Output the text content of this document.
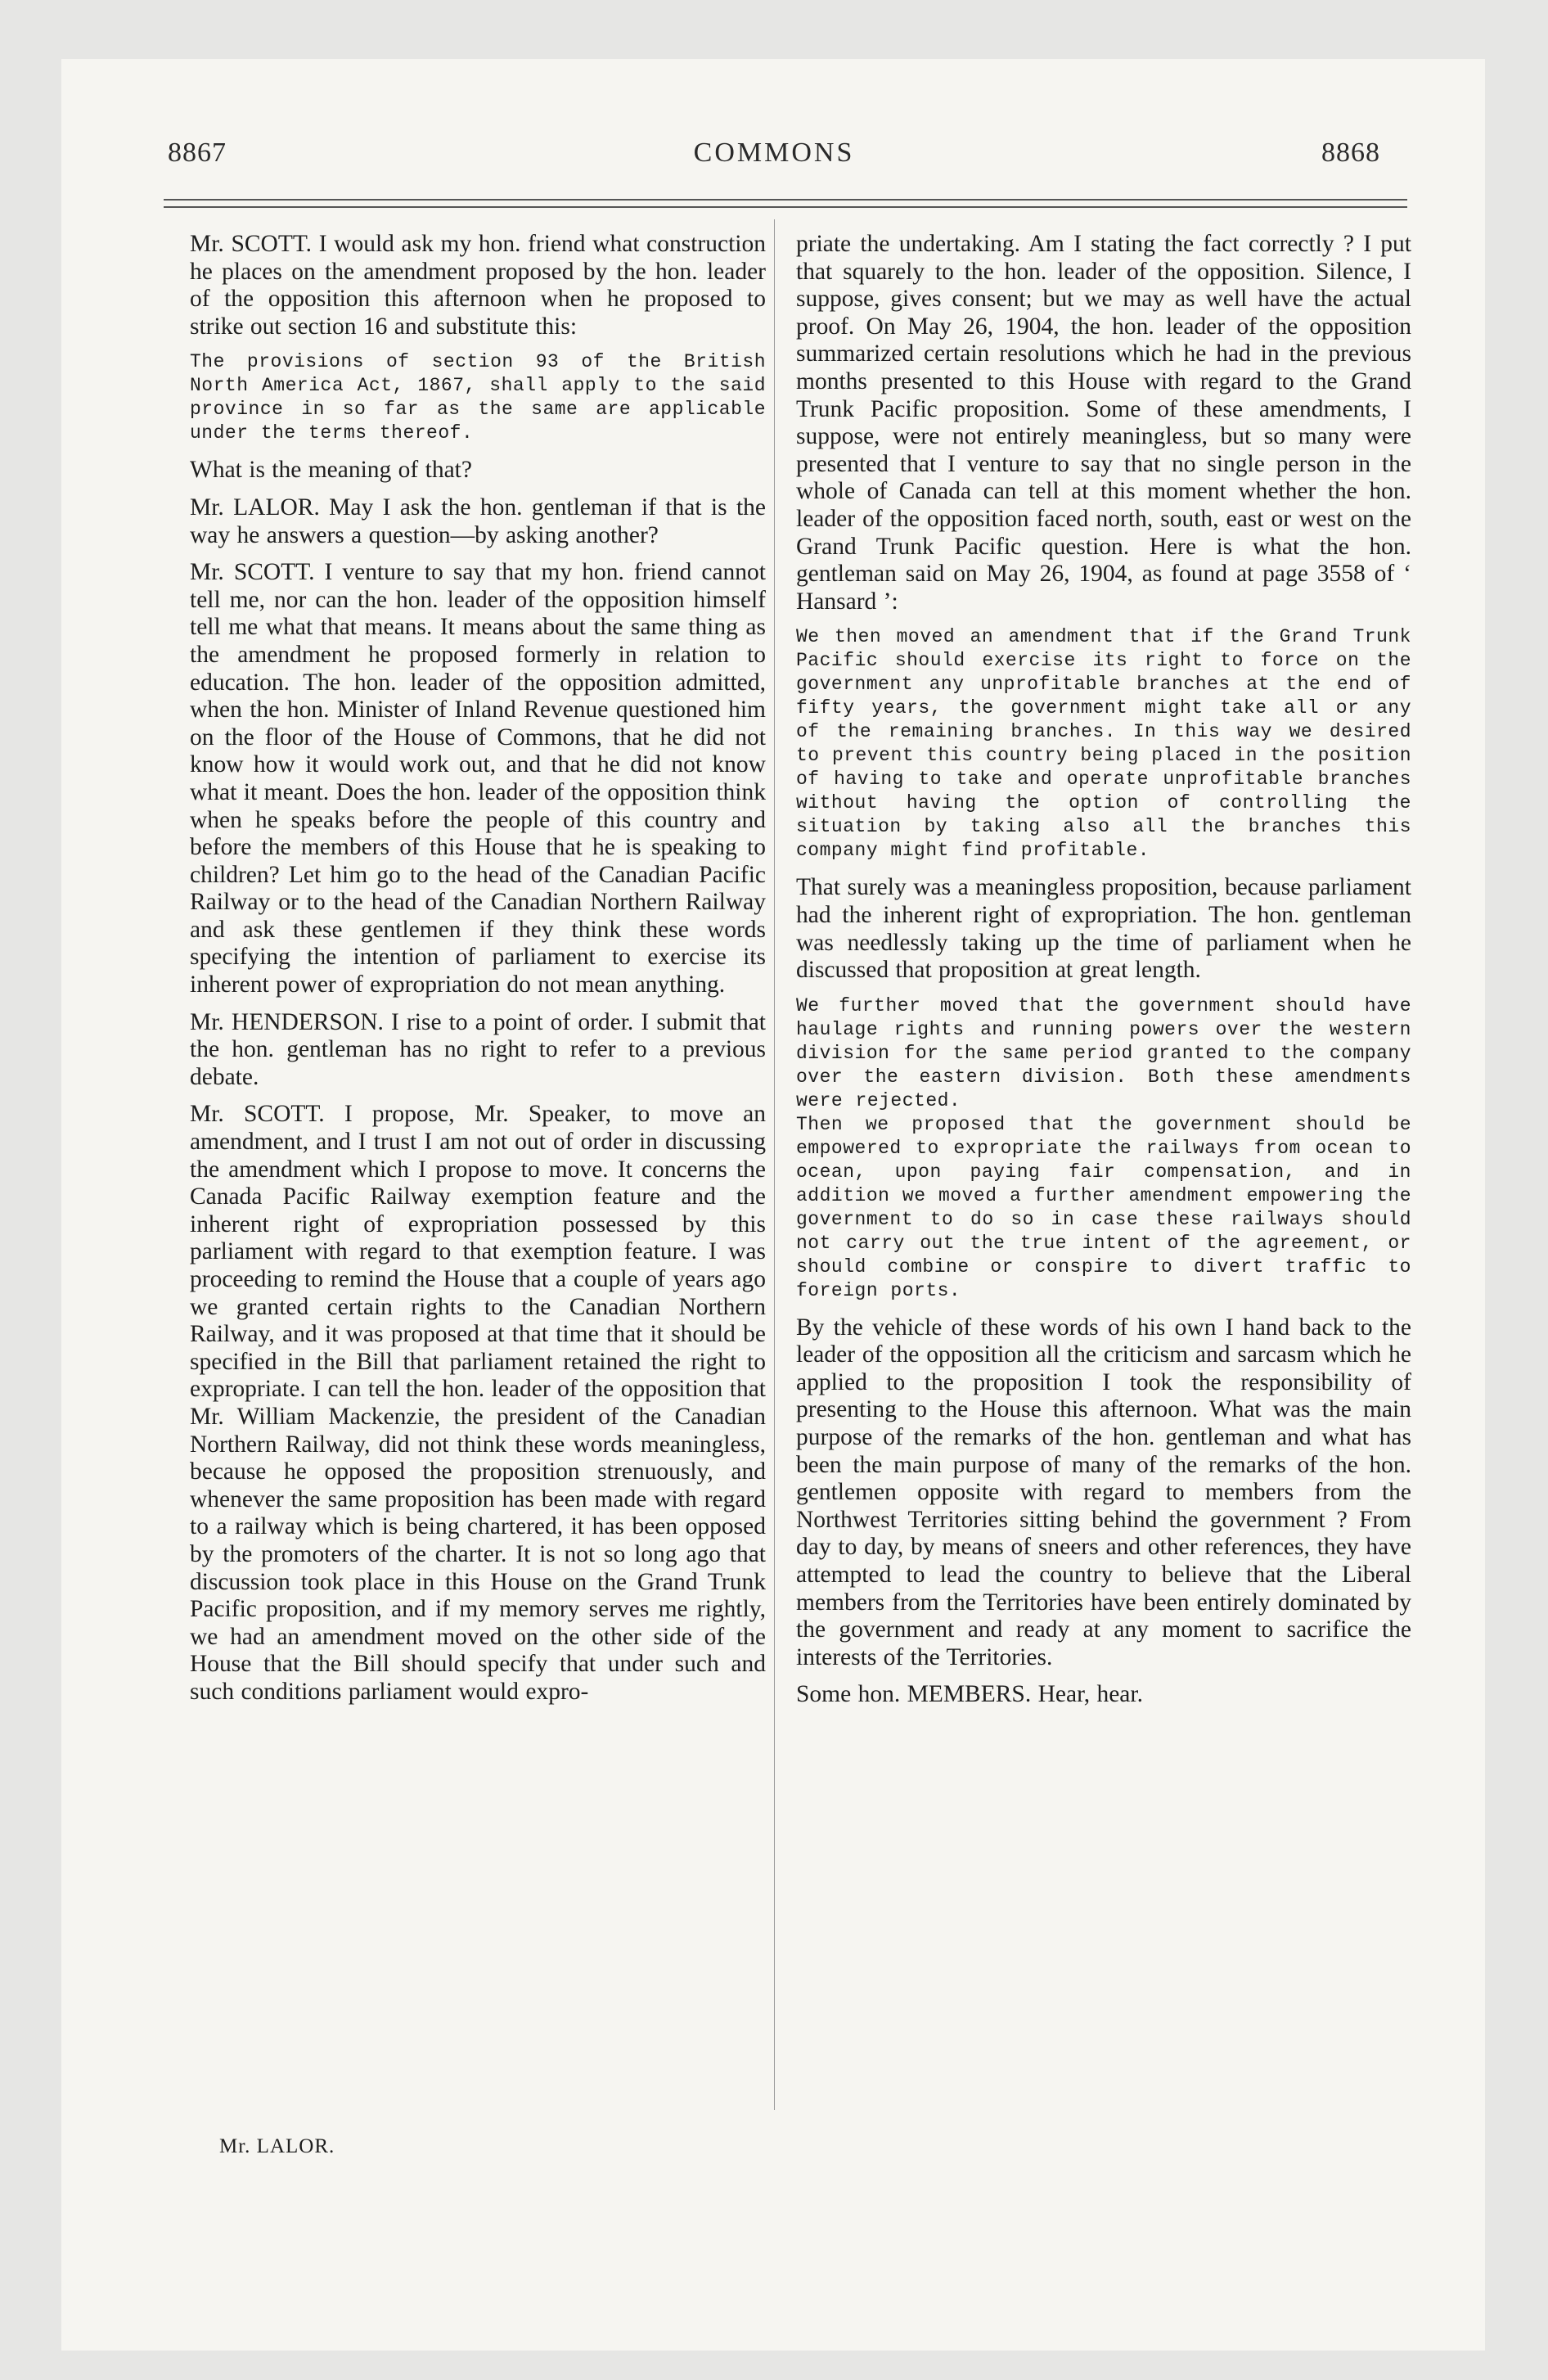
8867	COMMONS	8868

Mr. SCOTT. I would ask my hon. friend what construction he places on the amendment proposed by the hon. leader of the opposition this afternoon when he proposed to strike out section 16 and substitute this:

The provisions of section 93 of the British North America Act, 1867, shall apply to the said province in so far as the same are applicable under the terms thereof.

What is the meaning of that?

Mr. LALOR. May I ask the hon. gentleman if that is the way he answers a question—by asking another?

Mr. SCOTT. I venture to say that my hon. friend cannot tell me, nor can the hon. leader of the opposition himself tell me what that means. It means about the same thing as the amendment he proposed formerly in relation to education. The hon. leader of the opposition admitted, when the hon. Minister of Inland Revenue questioned him on the floor of the House of Commons, that he did not know how it would work out, and that he did not know what it meant. Does the hon. leader of the opposition think when he speaks before the people of this country and before the members of this House that he is speaking to children? Let him go to the head of the Canadian Pacific Railway or to the head of the Canadian Northern Railway and ask these gentlemen if they think these words specifying the intention of parliament to exercise its inherent power of expropriation do not mean anything.

Mr. HENDERSON. I rise to a point of order. I submit that the hon. gentleman has no right to refer to a previous debate.

Mr. SCOTT. I propose, Mr. Speaker, to move an amendment, and I trust I am not out of order in discussing the amendment which I propose to move. It concerns the Canada Pacific Railway exemption feature and the inherent right of expropriation possessed by this parliament with regard to that exemption feature. I was proceeding to remind the House that a couple of years ago we granted certain rights to the Canadian Northern Railway, and it was proposed at that time that it should be specified in the Bill that parliament retained the right to expropriate. I can tell the hon. leader of the opposition that Mr. William Mackenzie, the president of the Canadian Northern Railway, did not think these words meaningless, because he opposed the proposition strenuously, and whenever the same proposition has been made with regard to a railway which is being chartered, it has been opposed by the promoters of the charter. It is not so long ago that discussion took place in this House on the Grand Trunk Pacific proposition, and if my memory serves me rightly, we had an amendment moved on the other side of the House that the Bill should specify that under such and such conditions parliament would expro-

priate the undertaking. Am I stating the fact correctly ? I put that squarely to the hon. leader of the opposition. Silence, I suppose, gives consent; but we may as well have the actual proof. On May 26, 1904, the hon. leader of the opposition summarized certain resolutions which he had in the previous months presented to this House with regard to the Grand Trunk Pacific proposition. Some of these amendments, I suppose, were not entirely meaningless, but so many were presented that I venture to say that no single person in the whole of Canada can tell at this moment whether the hon. leader of the opposition faced north, south, east or west on the Grand Trunk Pacific question. Here is what the hon. gentleman said on May 26, 1904, as found at page 3558 of ‘ Hansard ’:

We then moved an amendment that if the Grand Trunk Pacific should exercise its right to force on the government any unprofitable branches at the end of fifty years, the government might take all or any of the remaining branches. In this way we desired to prevent this country being placed in the position of having to take and operate unprofitable branches without having the option of controlling the situation by taking also all the branches this company might find profitable.

That surely was a meaningless proposition, because parliament had the inherent right of expropriation. The hon. gentleman was needlessly taking up the time of parliament when he discussed that proposition at great length.

We further moved that the government should have haulage rights and running powers over the western division for the same period granted to the company over the eastern division. Both these amendments were rejected.
Then we proposed that the government should be empowered to expropriate the railways from ocean to ocean, upon paying fair compensation, and in addition we moved a further amendment empowering the government to do so in case these railways should not carry out the true intent of the agreement, or should combine or conspire to divert traffic to foreign ports.

By the vehicle of these words of his own I hand back to the leader of the opposition all the criticism and sarcasm which he applied to the proposition I took the responsibility of presenting to the House this afternoon. What was the main purpose of the remarks of the hon. gentleman and what has been the main purpose of many of the remarks of the hon. gentlemen opposite with regard to members from the Northwest Territories sitting behind the government ? From day to day, by means of sneers and other references, they have attempted to lead the country to believe that the Liberal members from the Territories have been entirely dominated by the government and ready at any moment to sacrifice the interests of the Territories.

Some hon. MEMBERS. Hear, hear.

Mr. LALOR.
